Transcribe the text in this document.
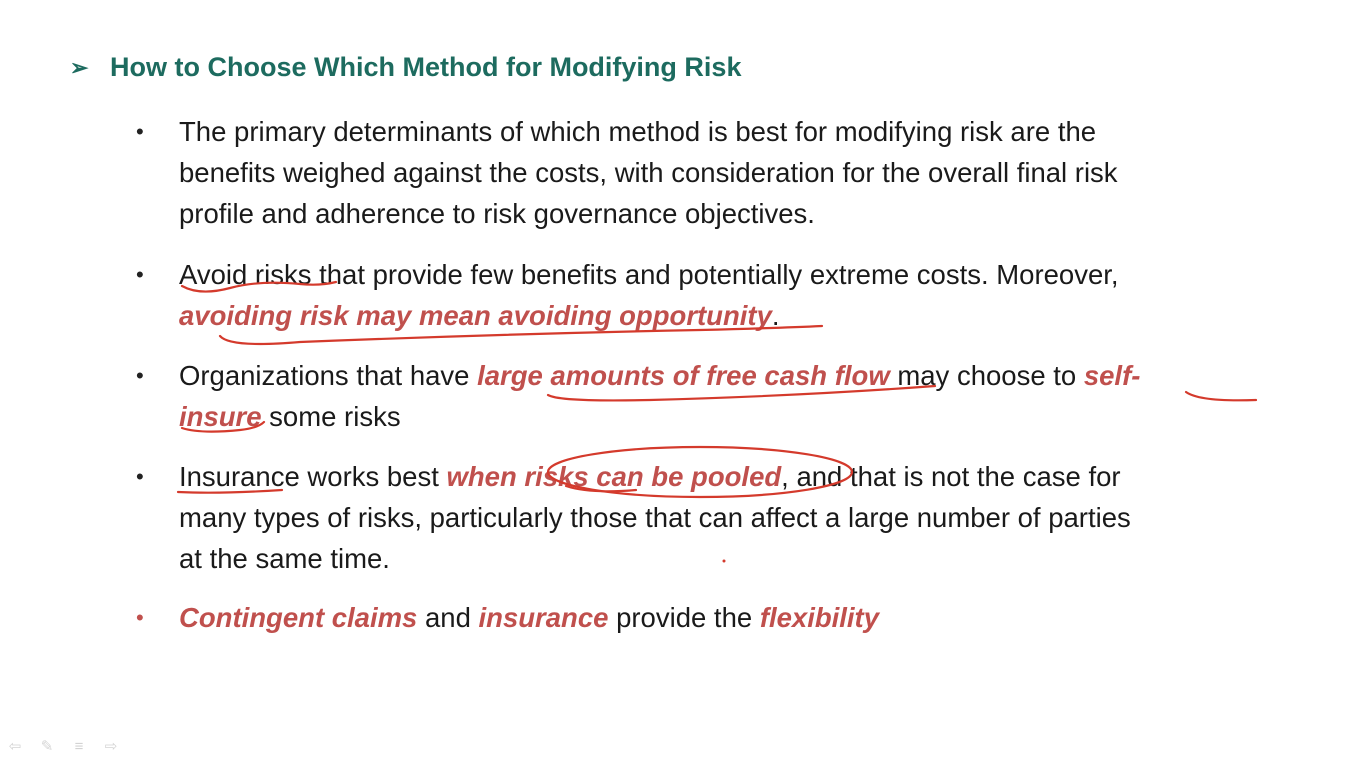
➢ How to Choose Which Method for Modifying Risk
• The primary determinants of which method is best for modifying risk are the
benefits weighed against the costs, with consideration for the overall final risk
profile and adherence to risk governance objectives.
• Avoid risks that provide few benefits and potentially extreme costs. Moreover,
avoiding risk may mean avoiding opportunity.
• Organizations that have large amounts of free cash flow may choose to self-
insure some risks
• Insurance works best when risks can be pooled, and that is not the case for
many types of risks, particularly those that can affect a large number of parties
at the same time.
• Contingent claims and insurance provide the flexibility
⇦ ✎	≡	⇨
